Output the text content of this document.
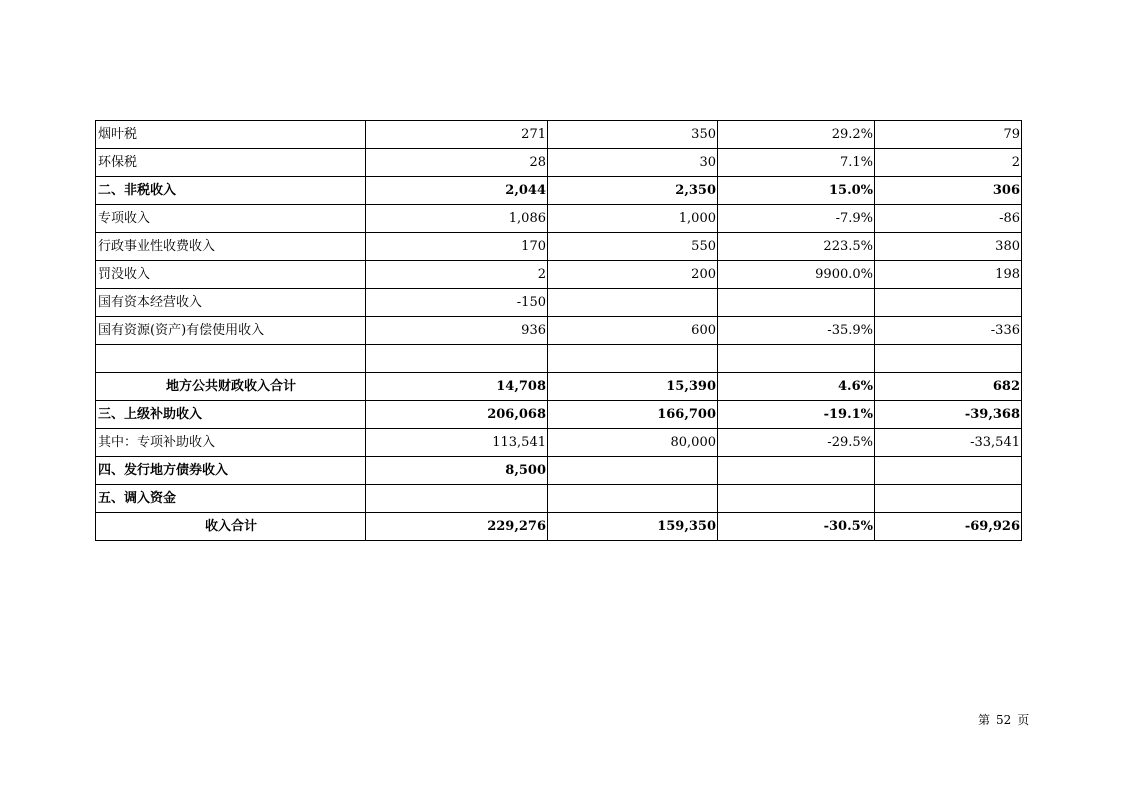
烟叶税	271	350	29.2%	79
环保税	28	30	7.1%	2
二、非税收入	2,044	2,350	15.0%	306
专项收入	1,086	1,000	-7.9%	-86
行政事业性收费收入	170	550	223.5%	380
罚没收入	2	200	9900.0%	198
国有资本经营收入	-150			
国有资源(资产)有偿使用收入	936	600	-35.9%	-336

地方公共财政收入合计	14,708	15,390	4.6%	682
三、上级补助收入	206,068	166,700	-19.1%	-39,368
其中：专项补助收入	113,541	80,000	-29.5%	-33,541
四、发行地方债券收入	8,500			
五、调入资金				
收入合计	229,276	159,350	-30.5%	-69,926
第 52 页
